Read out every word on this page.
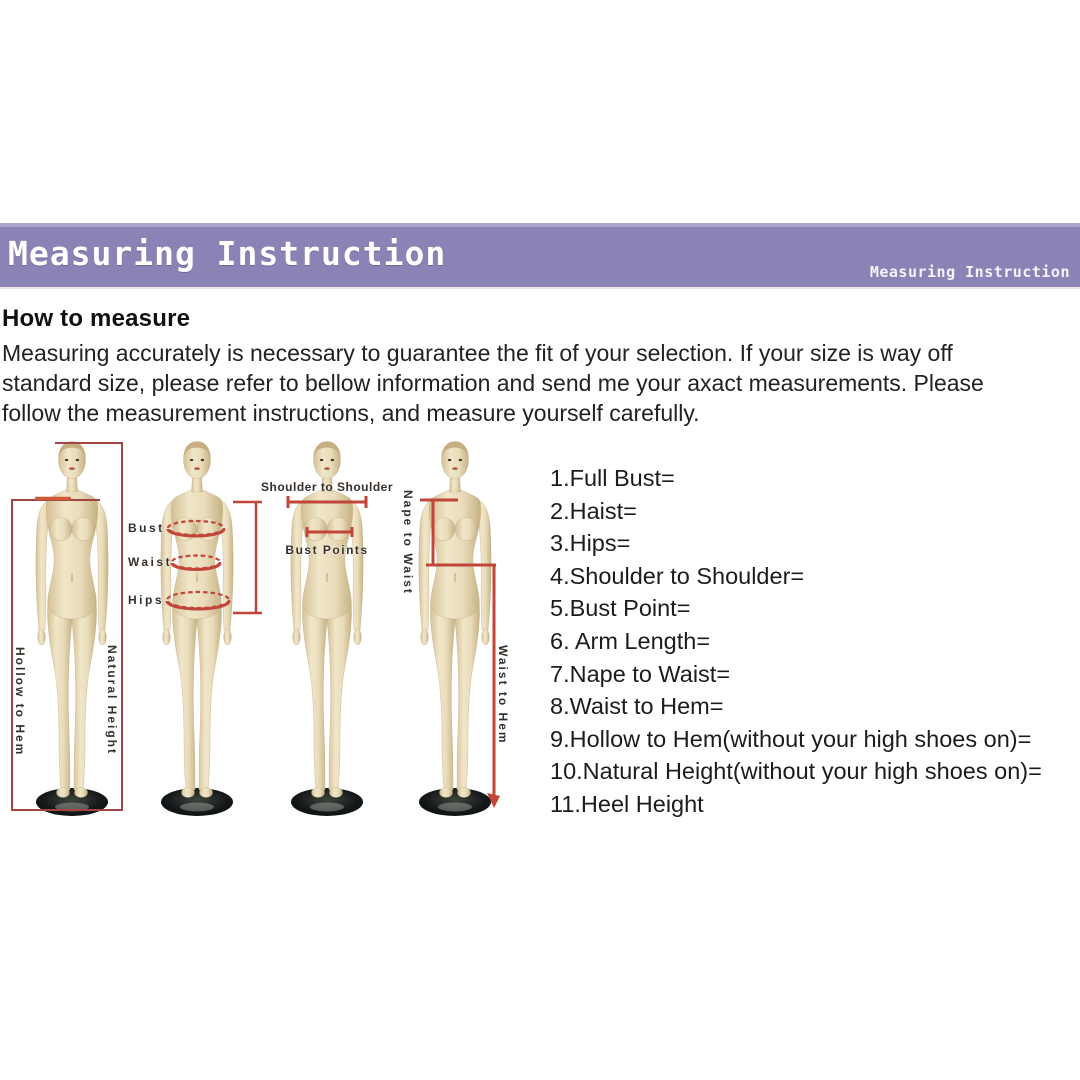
Measuring Instruction	Measuring Instruction
How to measure
Measuring accurately is necessary to guarantee the fit of your selection. If your size is way off
standard size, please refer to bellow information and send me your axact measurements. Please
follow the measurement instructions, and measure yourself carefully.
Hollow to Hem	Natural Height
Bust
Waist
Hips
Shoulder to Shoulder
Bust Points	Nape to Waist
Waist to Hem
1.Full Bust=
2.Haist=
3.Hips=
4.Shoulder to Shoulder=
5.Bust Point=
6. Arm Length=
7.Nape to Waist=
8.Waist to Hem=
9.Hollow to Hem(without your high shoes on)=
10.Natural Height(without your high shoes on)=
11.Heel Height
